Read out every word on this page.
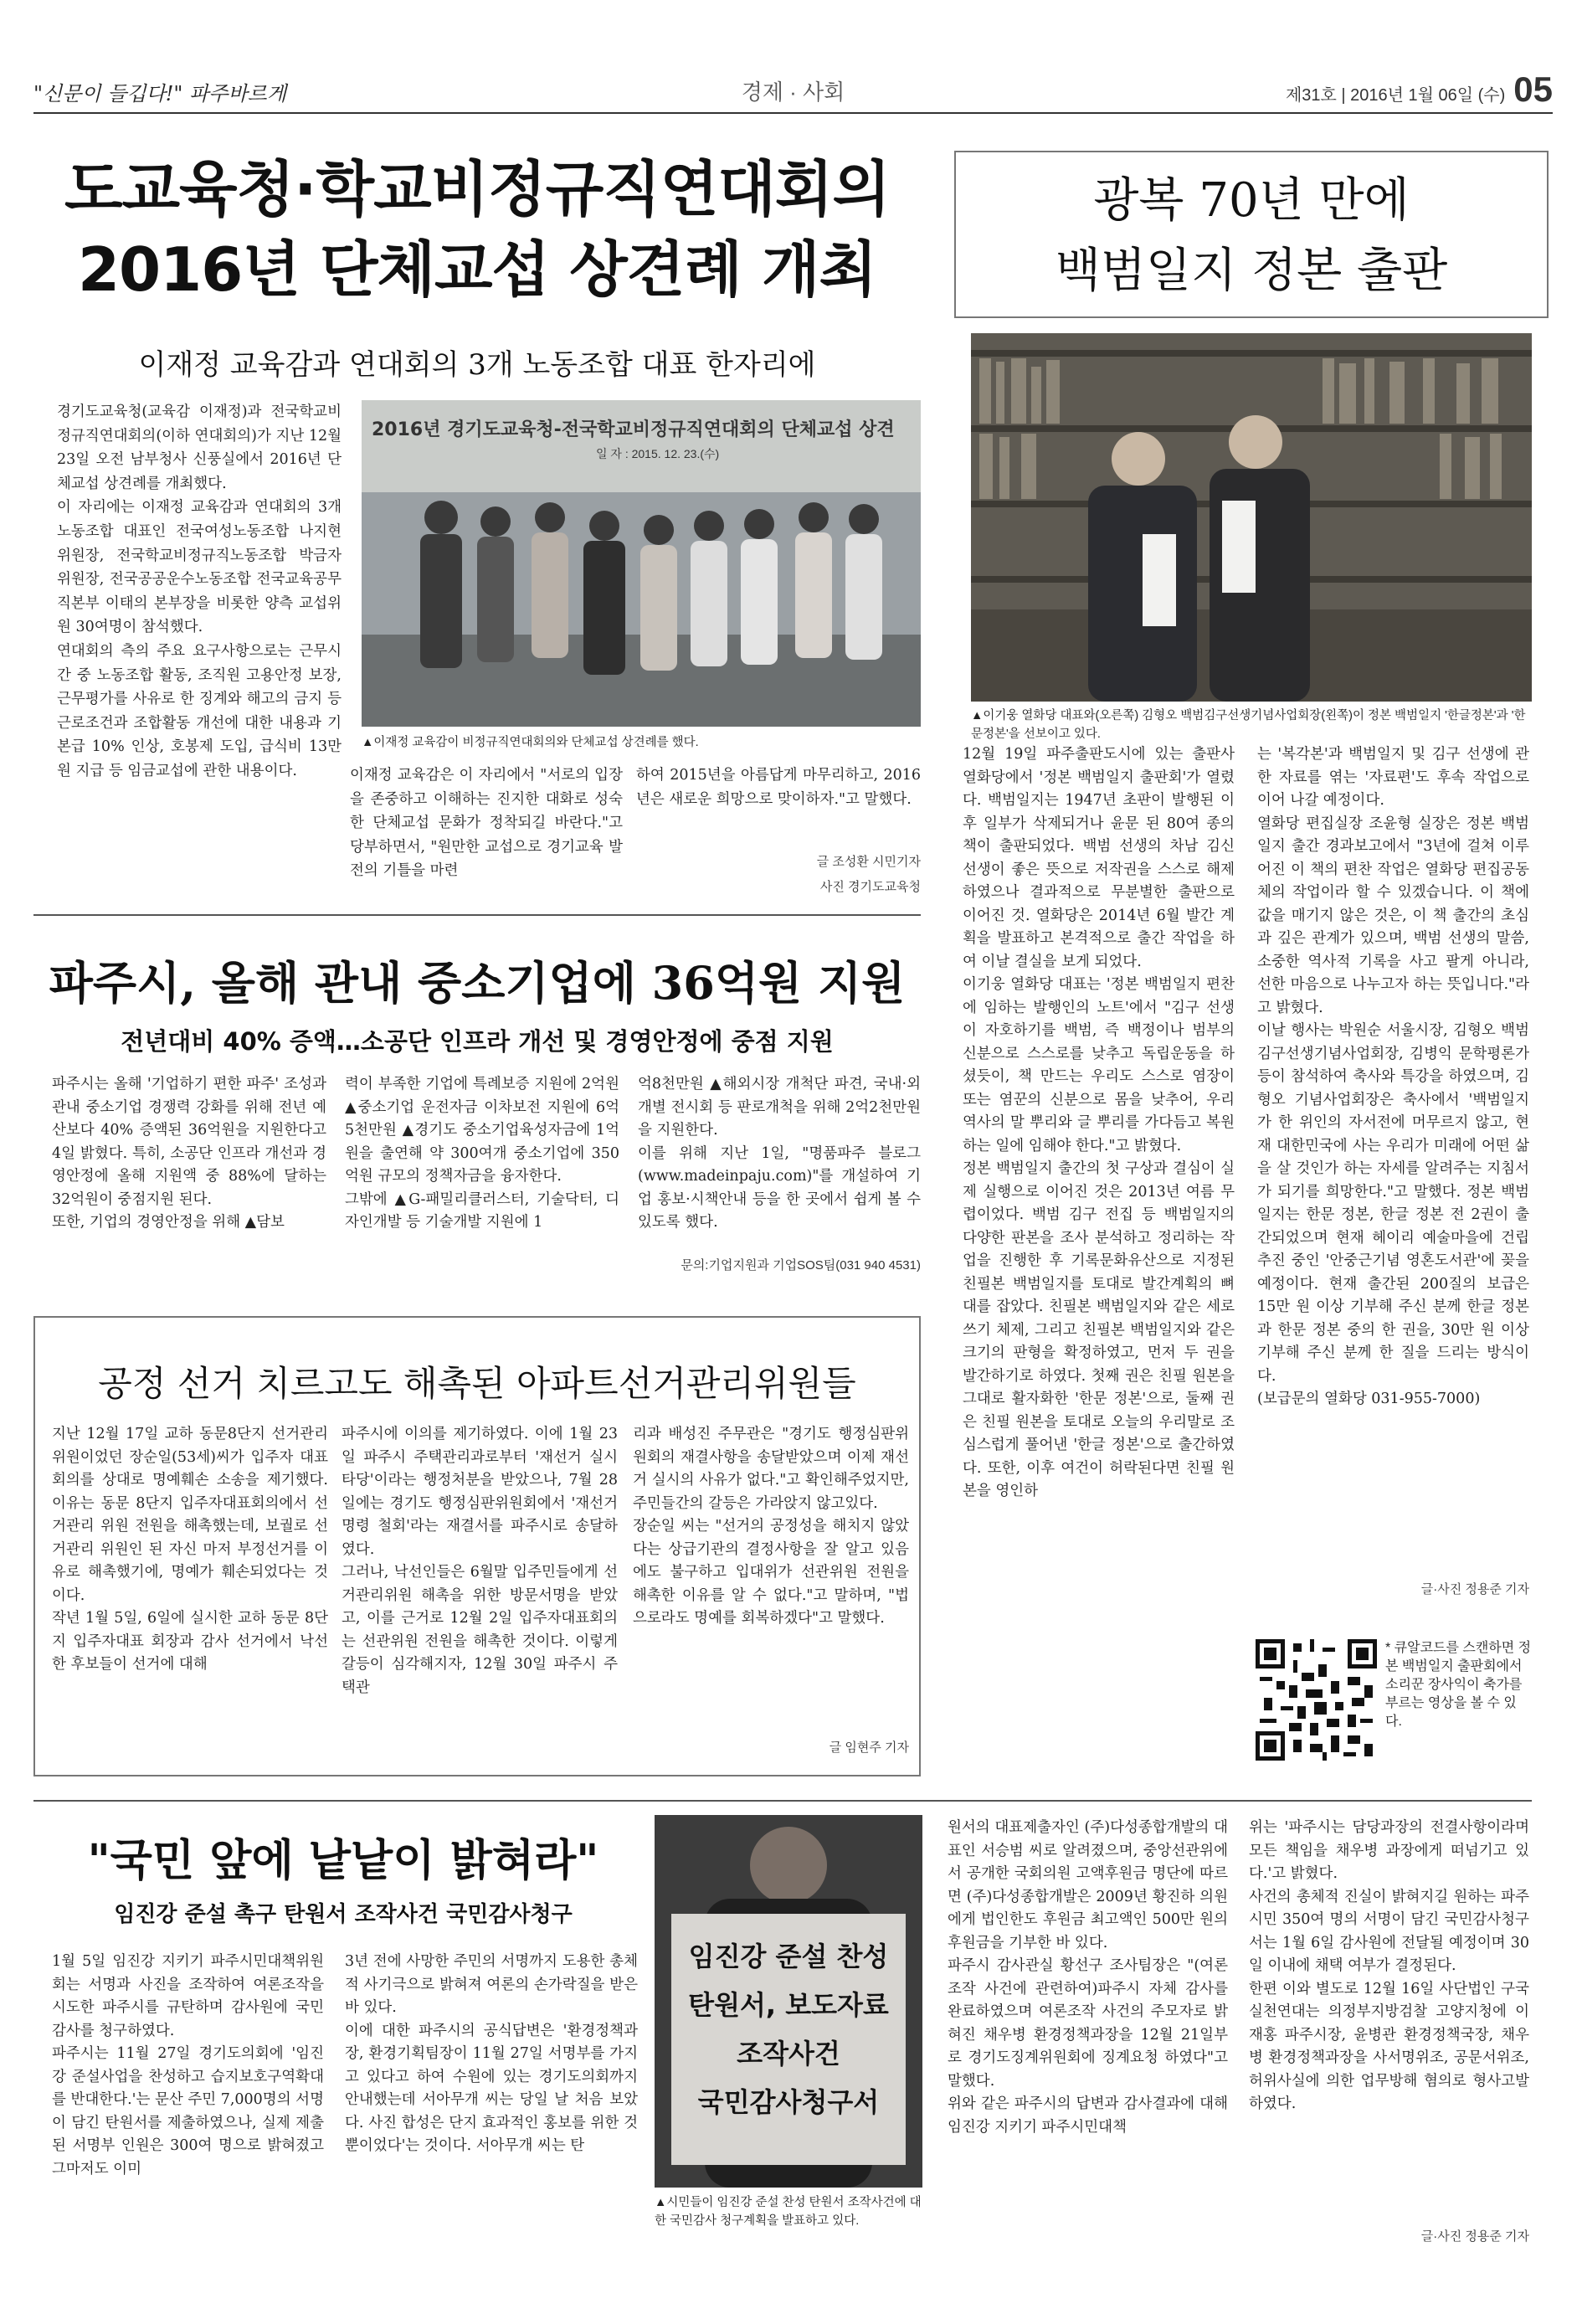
"신문이 들깁다!" 파주바르게	경제 · 사회	제31호 | 2016년 1월 06일 (수) 05
도교육청·학교비정규직연대회의
2016년 단체교섭 상견례 개최
이재정 교육감과 연대회의 3개 노동조합 대표 한자리에
경기도교육청(교육감 이재정)과 전국학교비정규직연대회의(이하 연대회의)가 지난 12월 23일 오전 남부청사 신풍실에서 2016년 단체교섭 상견례를 개최했다.
이 자리에는 이재정 교육감과 연대회의 3개 노동조합 대표인 전국여성노동조합 나지현 위원장, 전국학교비정규직노동조합 박금자 위원장, 전국공공운수노동조합 전국교육공무직본부 이태의 본부장을 비롯한 양측 교섭위원 30여명이 참석했다.
연대회의 측의 주요 요구사항으로는 근무시간 중 노동조합 활동, 조직원 고용안정 보장, 근무평가를 사유로 한 징계와 해고의 금지 등 근로조건과 조합활동 개선에 대한 내용과 기본급 10% 인상, 호봉제 도입, 급식비 13만원 지급 등 임금교섭에 관한 내용이다.
2016년 경기도교육청-전국학교비정규직연대회의 단체교섭 상견
일 자 : 2015. 12. 23.(수)
▲이재정 교육감이 비정규직연대회의와 단체교섭 상견례를 했다.
이재정 교육감은 이 자리에서 "서로의 입장을 존중하고 이해하는 진지한 대화로 성숙한 단체교섭 문화가 정착되길 바란다."고 당부하면서, "원만한 교섭으로 경기교육 발전의 기틀을 마련
하여 2015년을 아름답게 마무리하고, 2016년은 새로운 희망으로 맞이하자."고 말했다.
글 조성환 시민기자
사진 경기도교육청
파주시, 올해 관내 중소기업에 36억원 지원
전년대비 40% 증액…소공단 인프라 개선 및 경영안정에 중점 지원
파주시는 올해 '기업하기 편한 파주' 조성과 관내 중소기업 경쟁력 강화를 위해 전년 예산보다 40% 증액된 36억원을 지원한다고 4일 밝혔다. 특히, 소공단 인프라 개선과 경영안정에 올해 지원액 중 88%에 달하는 32억원이 중점지원 된다.
또한, 기업의 경영안정을 위해 ▲담보
력이 부족한 기업에 특례보증 지원에 2억원 ▲중소기업 운전자금 이차보전 지원에 6억5천만원 ▲경기도 중소기업육성자금에 1억원을 출연해 약 300여개 중소기업에 350억원 규모의 정책자금을 융자한다.
그밖에 ▲G-패밀리클러스터, 기술닥터, 디자인개발 등 기술개발 지원에 1
억8천만원 ▲해외시장 개척단 파견, 국내·외 개별 전시회 등 판로개척을 위해 2억2천만원을 지원한다.
이를 위해 지난 1일, "명품파주 블로그(www.madeinpaju.com)"를 개설하여 기업 홍보·시책안내 등을 한 곳에서 쉽게 볼 수 있도록 했다.
문의:기업지원과 기업SOS팀(031 940 4531)
공정 선거 치르고도 해촉된 아파트선거관리위원들
지난 12월 17일 교하 동문8단지 선거관리 위원이었던 장순일(53세)씨가 입주자 대표회의를 상대로 명예훼손 소송을 제기했다. 이유는 동문 8단지 입주자대표회의에서 선거관리 위원 전원을 해촉했는데, 보궐로 선거관리 위원인 된 자신 마저 부정선거를 이유로 해촉했기에, 명예가 훼손되었다는 것이다.
작년 1월 5일, 6일에 실시한 교하 동문 8단지 입주자대표 회장과 감사 선거에서 낙선한 후보들이 선거에 대해
파주시에 이의를 제기하였다. 이에 1월 23일 파주시 주택관리과로부터 '재선거 실시 타당'이라는 행정처분을 받았으나, 7월 28일에는 경기도 행정심판위원회에서 '재선거 명령 철회'라는 재결서를 파주시로 송달하였다.
그러나, 낙선인들은 6월말 입주민들에게 선거관리위원 해촉을 위한 방문서명을 받았고, 이를 근거로 12월 2일 입주자대표회의는 선관위원 전원을 해촉한 것이다. 이렇게 갈등이 심각해지자, 12월 30일 파주시 주택관
리과 배성진 주무관은 "경기도 행정심판위원회의 재결사항을 송달받았으며 이제 재선거 실시의 사유가 없다."고 확인해주었지만, 주민들간의 갈등은 가라앉지 않고있다.
장순일 씨는 "선거의 공정성을 해치지 않았다는 상급기관의 결정사항을 잘 알고 있음에도 불구하고 입대위가 선관위원 전원을 해촉한 이유를 알 수 없다."고 말하며, "법으로라도 명예를 회복하겠다"고 말했다.
글 임현주 기자
광복 70년 만에
백범일지 정본 출판
▲이기웅 열화당 대표와(오른쪽) 김형오 백범김구선생기념사업회장(왼쪽)이 정본 백범일지 '한글정본'과 '한문정본'을 선보이고 있다.
12월 19일 파주출판도시에 있는 출판사 열화당에서 '정본 백범일지 출판회'가 열렸다. 백범일지는 1947년 초판이 발행된 이후 일부가 삭제되거나 윤문 된 80여 종의 책이 출판되었다. 백범 선생의 차남 김신 선생이 좋은 뜻으로 저작권을 스스로 해제하였으나 결과적으로 무분별한 출판으로 이어진 것. 열화당은 2014년 6월 발간 계획을 발표하고 본격적으로 출간 작업을 하여 이날 결실을 보게 되었다.
이기웅 열화당 대표는 '정본 백범일지 편찬에 임하는 발행인의 노트'에서 "김구 선생이 자호하기를 백범, 즉 백정이나 범부의 신분으로 스스로를 낮추고 독립운동을 하셨듯이, 책 만드는 우리도 스스로 염장이 또는 염꾼의 신분으로 몸을 낮추어, 우리 역사의 말 뿌리와 글 뿌리를 가다듬고 복원하는 일에 임해야 한다."고 밝혔다.
정본 백범일지 출간의 첫 구상과 결심이 실제 실행으로 이어진 것은 2013년 여름 무렵이었다. 백범 김구 전집 등 백범일지의 다양한 판본을 조사 분석하고 정리하는 작업을 진행한 후 기록문화유산으로 지정된 친필본 백범일지를 토대로 발간계획의 뼈대를 잡았다. 친필본 백범일지와 같은 세로쓰기 체제, 그리고 친필본 백범일지와 같은 크기의 판형을 확정하였고, 먼저 두 권을 발간하기로 하였다. 첫째 권은 친필 원본을 그대로 활자화한 '한문 정본'으로, 둘째 권은 친필 원본을 토대로 오늘의 우리말로 조심스럽게 풀어낸 '한글 정본'으로 출간하였다. 또한, 이후 여건이 허락된다면 친필 원본을 영인하
는 '복각본'과 백범일지 및 김구 선생에 관한 자료를 엮는 '자료편'도 후속 작업으로 이어 나갈 예정이다.
열화당 편집실장 조윤형 실장은 정본 백범일지 출간 경과보고에서 "3년에 걸쳐 이루어진 이 책의 편찬 작업은 열화당 편집공동체의 작업이라 할 수 있겠습니다. 이 책에 값을 매기지 않은 것은, 이 책 출간의 초심과 깊은 관계가 있으며, 백범 선생의 말씀, 소중한 역사적 기록을 사고 팔게 아니라, 선한 마음으로 나누고자 하는 뜻입니다."라고 밝혔다.
이날 행사는 박원순 서울시장, 김형오 백범김구선생기념사업회장, 김병익 문학평론가 등이 참석하여 축사와 특강을 하였으며, 김형오 기념사업회장은 축사에서 '백범일지가 한 위인의 자서전에 머무르지 않고, 현재 대한민국에 사는 우리가 미래에 어떤 삶을 살 것인가 하는 자세를 알려주는 지침서가 되기를 희망한다."고 말했다. 정본 백범일지는 한문 정본, 한글 정본 전 2권이 출간되었으며 현재 헤이리 예술마을에 건립 추진 중인 '안중근기념 영혼도서관'에 꽂을 예정이다. 현재 출간된 200질의 보급은 15만 원 이상 기부해 주신 분께 한글 정본과 한문 정본 중의 한 권을, 30만 원 이상 기부해 주신 분께 한 질을 드리는 방식이다.
(보급문의 열화당 031-955-7000)
글·사진 정용준 기자
* 큐알코드를 스캔하면 정본 백범일지 출판회에서 소리꾼 장사익이 축가를 부르는 영상을 볼 수 있다.
"국민 앞에 낱낱이 밝혀라"
임진강 준설 촉구 탄원서 조작사건 국민감사청구
1월 5일 임진강 지키기 파주시민대책위원회는 서명과 사진을 조작하여 여론조작을 시도한 파주시를 규탄하며 감사원에 국민감사를 청구하였다.
파주시는 11월 27일 경기도의회에 '임진강 준설사업을 찬성하고 습지보호구역확대를 반대한다.'는 문산 주민 7,000명의 서명이 담긴 탄원서를 제출하였으나, 실제 제출된 서명부 인원은 300여 명으로 밝혀졌고 그마저도 이미
3년 전에 사망한 주민의 서명까지 도용한 총체적 사기극으로 밝혀져 여론의 손가락질을 받은 바 있다.
이에 대한 파주시의 공식답변은 '환경정책과장, 환경기획팀장이 11월 27일 서명부를 가지고 있다고 하여 수원에 있는 경기도의회까지 안내했는데 서아무개 씨는 당일 날 처음 보았다. 사진 합성은 단지 효과적인 홍보를 위한 것뿐이었다'는 것이다. 서아무개 씨는 탄
임진강 준설 찬성
탄원서, 보도자료
조작사건
국민감사청구서
▲시민들이 임진강 준설 찬성 탄원서 조작사건에 대한 국민감사 청구계획을 발표하고 있다.
원서의 대표제출자인 (주)다성종합개발의 대표인 서승범 씨로 알려졌으며, 중앙선관위에서 공개한 국회의원 고액후원금 명단에 따르면 (주)다성종합개발은 2009년 황진하 의원에게 법인한도 후원금 최고액인 500만 원의 후원금을 기부한 바 있다.
파주시 감사관실 황선구 조사팀장은 "(여론조작 사건에 관련하여)파주시 자체 감사를 완료하였으며 여론조작 사건의 주모자로 밝혀진 채우병 환경정책과장을 12월 21일부로 경기도징계위원회에 징계요청 하였다"고 말했다.
위와 같은 파주시의 답변과 감사결과에 대해 임진강 지키기 파주시민대책
위는 '파주시는 담당과장의 전결사항이라며 모든 책임을 채우병 과장에게 떠넘기고 있다.'고 밝혔다.
사건의 총체적 진실이 밝혀지길 원하는 파주시민 350여 명의 서명이 담긴 국민감사청구서는 1월 6일 감사원에 전달될 예정이며 30일 이내에 채택 여부가 결정된다.
한편 이와 별도로 12월 16일 사단법인 구국실천연대는 의정부지방검찰 고양지청에 이재홍 파주시장, 윤병관 환경정책국장, 채우병 환경정책과장을 사서명위조, 공문서위조, 허위사실에 의한 업무방해 혐의로 형사고발 하였다.
글·사진 정용준 기자
